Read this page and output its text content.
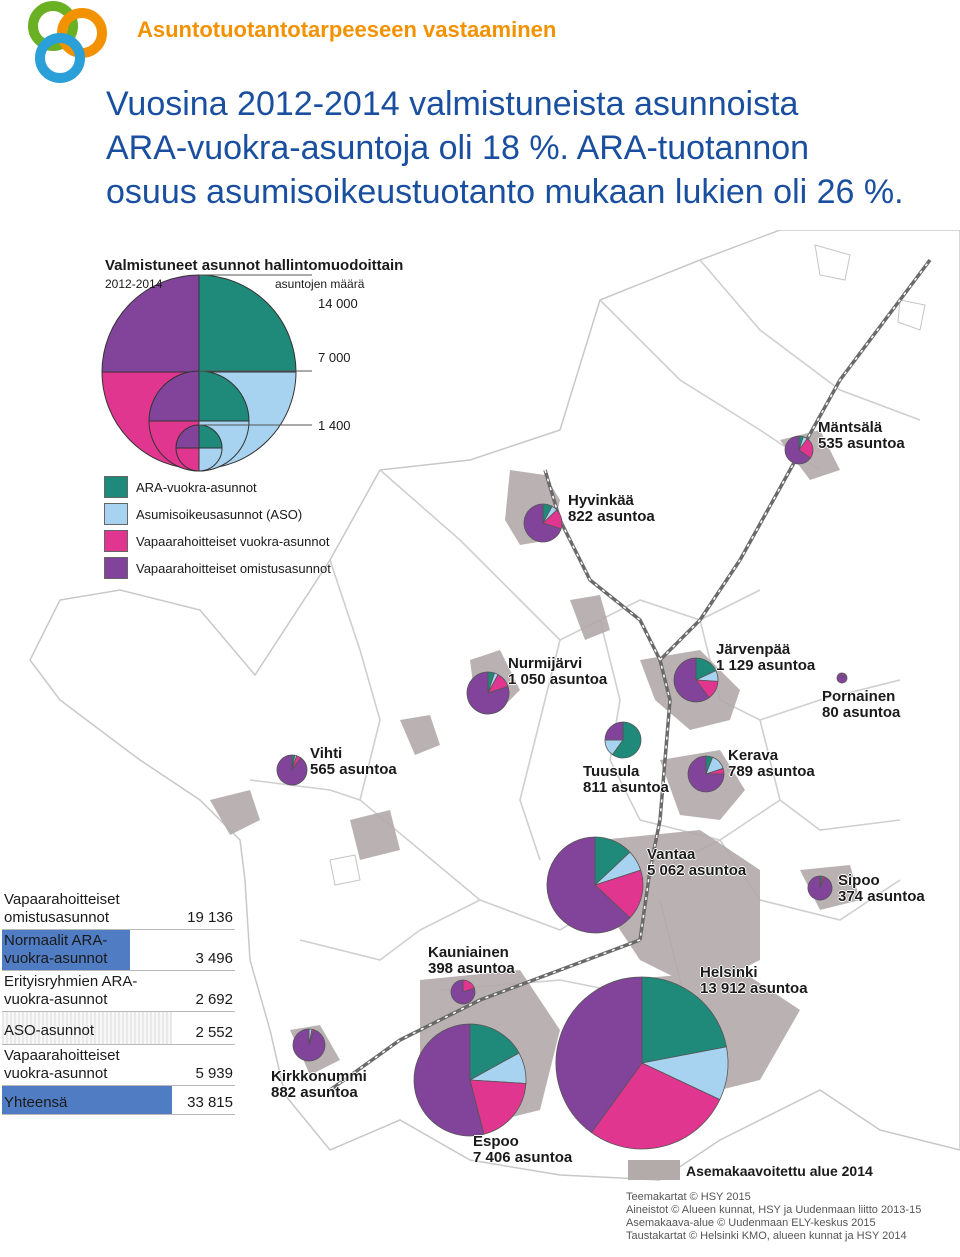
Asuntotuotantotarpeeseen vastaaminen
Vuosina 2012-2014 valmistuneista asunnoista
ARA-vuokra-asuntoja oli 18 %. ARA-tuotannon
osuus asumisoikeustuotanto mukaan lukien oli 26 %.
Valmistuneet asunnot hallintomuodoittain
2012-2014	asuntojen määrä
14 000
7 000
1 400
ARA-vuokra-asunnot
Asumisoikeusasunnot (ASO)
Vapaarahoitteiset vuokra-asunnot
Vapaarahoitteiset omistusasunnot
Mäntsälä
535 asuntoa
Hyvinkää
822 asuntoa
Nurmijärvi
1 050 asuntoa
Järvenpää
1 129 asuntoa
Pornainen
80 asuntoa
Vihti
565 asuntoa	Tuusula
811 asuntoa
Kerava
789 asuntoa
Vantaa
5 062 asuntoa
Sipoo
374 asuntoa
Kauniainen
398 asuntoa	Helsinki
13 912 asuntoa
Kirkkonummi
882 asuntoa
Espoo
7 406 asuntoa
Vapaarahoitteiset omistusasunnot	19 136
Normaalit ARA-vuokra-asunnot	3 496
Erityisryhmien ARA-vuokra-asunnot	2 692
ASO-asunnot	2 552
Vapaarahoitteiset vuokra-asunnot	5 939
Yhteensä	33 815
Asemakaavoitettu alue 2014
Teemakartat © HSY 2015
Aineistot © Alueen kunnat, HSY ja Uudenmaan liitto 2013-15
Asemakaava-alue © Uudenmaan ELY-keskus 2015
Taustakartat © Helsinki KMO, alueen kunnat ja HSY 2014
